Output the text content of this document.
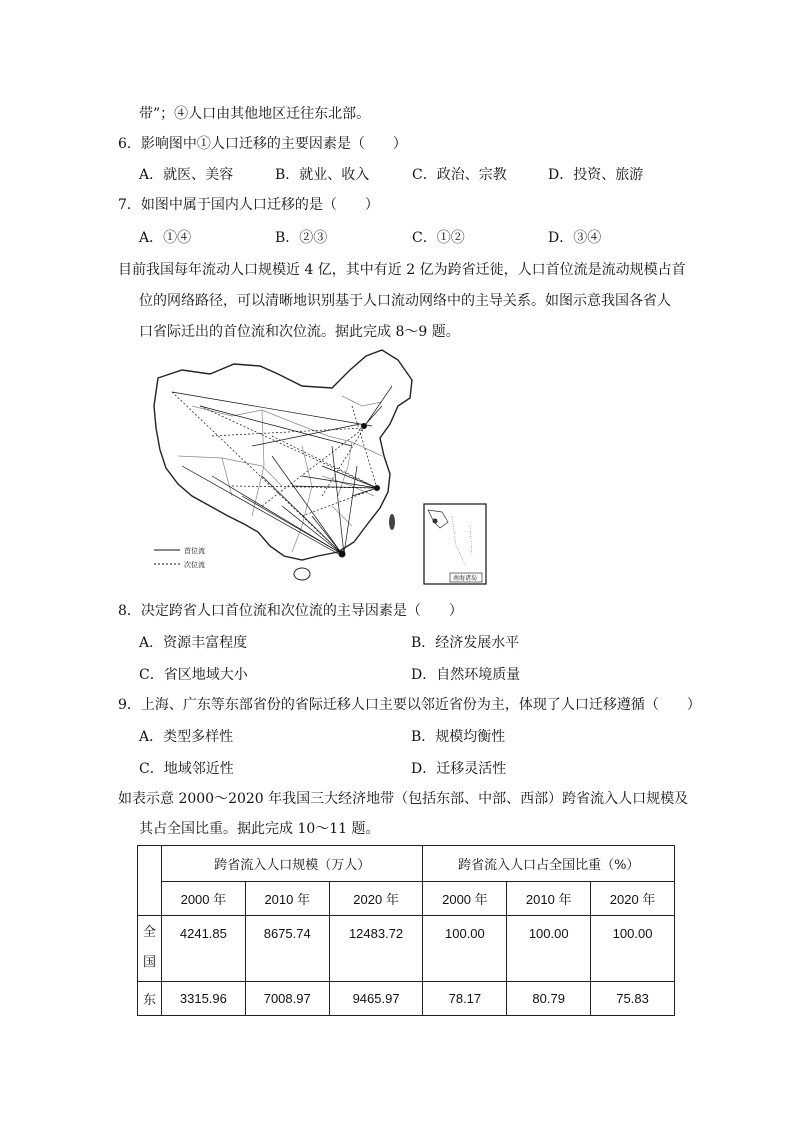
带”；④人口由其他地区迁往东北部。
6．影响图中①人口迁移的主要因素是（　　）
A．就医、美容	B．就业、收入	C．政治、宗教	D．投资、旅游
7．如图中属于国内人口迁移的是（　　）
A．①④	B．②③	C．①②	D．③④
目前我国每年流动人口规模近 4 亿，其中有近 2 亿为跨省迁徙，人口首位流是流动规模占首
位的网络路径，可以清晰地识别基于人口流动网络中的主导关系。如图示意我国各省人
口省际迁出的首位流和次位流。据此完成 8～9 题。
首位流
次位流
南海诸岛
8．决定跨省人口首位流和次位流的主导因素是（　　）
A．资源丰富程度	B．经济发展水平
C．省区地域大小	D．自然环境质量
9．上海、广东等东部省份的省际迁移人口主要以邻近省份为主，体现了人口迁移遵循（　　）
A．类型多样性	B．规模均衡性
C．地域邻近性	D．迁移灵活性
如表示意 2000～2020 年我国三大经济地带（包括东部、中部、西部）跨省流入人口规模及
其占全国比重。据此完成 10～11 题。
	跨省流入人口规模（万人）			跨省流入人口占全国比重（%）		
	2000 年	2010 年	2020 年	2000 年	2010 年	2020 年

全
国	4241.85	8675.74	12483.72	100.00	100.00	100.00

东	3315.96	7008.97	9465.97	78.17	80.79	75.83
